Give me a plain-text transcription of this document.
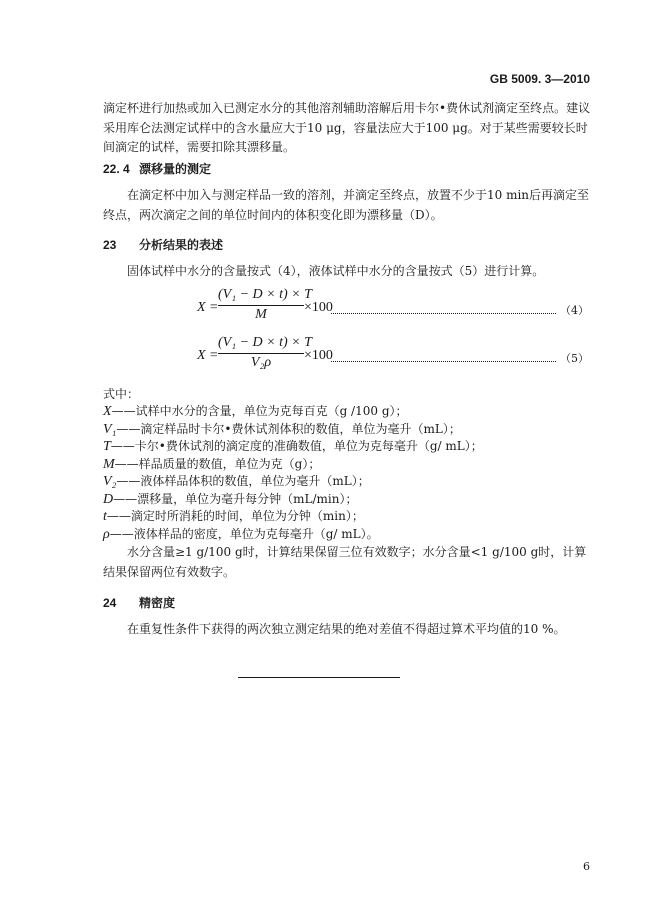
GB 5009. 3—2010

滴定杯进行加热或加入已测定水分的其他溶剂辅助溶解后用卡尔•费休试剂滴定至终点。建议采用库仑法测定试样中的含水量应大于10 μg，容量法应大于100 μg。对于某些需要较长时间滴定的试样，需要扣除其漂移量。

22. 4 漂移量的测定

在滴定杯中加入与测定样品一致的溶剂，并滴定至终点，放置不少于10 min后再滴定至终点，两次滴定之间的单位时间内的体积变化即为漂移量（D）。

23 分析结果的表述

固体试样中水分的含量按式（4），液体试样中水分的含量按式（5）进行计算。

X =
(V₁ − D × t) × T
M	×100	（4）
X =
(V₁ − D × t) × T
V₂ρ	×100	（5）
式中：
X——试样中水分的含量，单位为克每百克（g /100 g）；
V₁——滴定样品时卡尔•费休试剂体积的数值，单位为毫升（mL）；
T——卡尔•费休试剂的滴定度的准确数值，单位为克每毫升（g/ mL）；
M——样品质量的数值，单位为克（g）；
V₂——液体样品体积的数值，单位为毫升（mL）；
D——漂移量，单位为毫升每分钟（mL/min）；
t——滴定时所消耗的时间，单位为分钟（min）；
ρ——液体样品的密度，单位为克每毫升（g/ mL）。

水分含量≥1 g/100 g时，计算结果保留三位有效数字；水分含量<1 g/100 g时，计算结果保留两位有效数字。

24 精密度

在重复性条件下获得的两次独立测定结果的绝对差值不得超过算术平均值的10 %。

6
